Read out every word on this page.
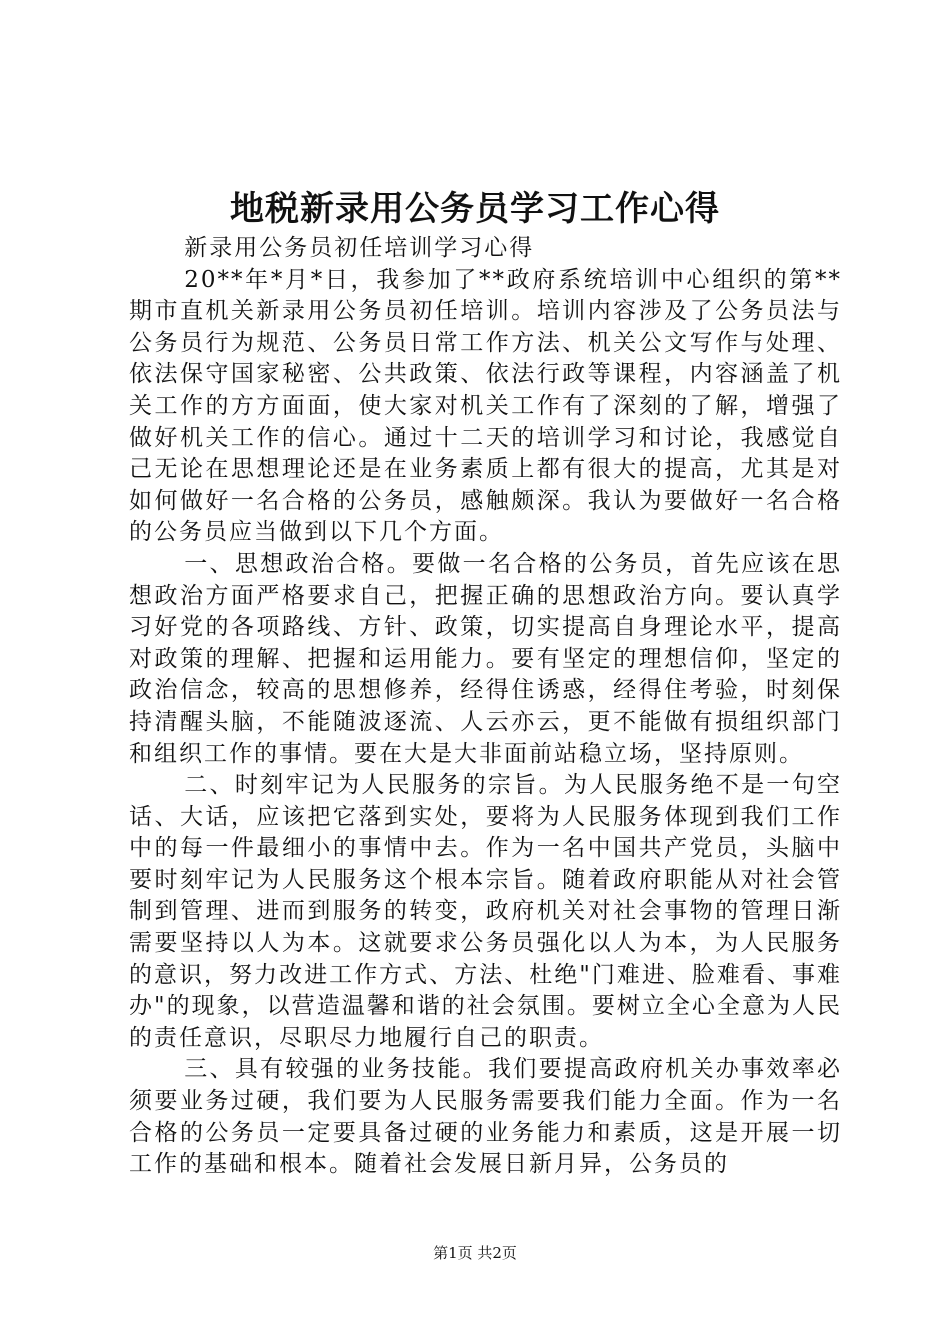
地税新录用公务员学习工作心得

新录用公务员初任培训学习心得

20**年*月*日，我参加了**政府系统培训中心组织的第**期市直机关新录用公务员初任培训。培训内容涉及了公务员法与公务员行为规范、公务员日常工作方法、机关公文写作与处理、依法保守国家秘密、公共政策、依法行政等课程，内容涵盖了机关工作的方方面面，使大家对机关工作有了深刻的了解，增强了做好机关工作的信心。通过十二天的培训学习和讨论，我感觉自己无论在思想理论还是在业务素质上都有很大的提高，尤其是对如何做好一名合格的公务员，感触颇深。我认为要做好一名合格的公务员应当做到以下几个方面。

一、思想政治合格。要做一名合格的公务员，首先应该在思想政治方面严格要求自己，把握正确的思想政治方向。要认真学习好党的各项路线、方针、政策，切实提高自身理论水平，提高对政策的理解、把握和运用能力。要有坚定的理想信仰，坚定的政治信念，较高的思想修养，经得住诱惑，经得住考验，时刻保持清醒头脑，不能随波逐流、人云亦云，更不能做有损组织部门和组织工作的事情。要在大是大非面前站稳立场，坚持原则。

二、时刻牢记为人民服务的宗旨。为人民服务绝不是一句空话、大话，应该把它落到实处，要将为人民服务体现到我们工作中的每一件最细小的事情中去。作为一名中国共产党员，头脑中要时刻牢记为人民服务这个根本宗旨。随着政府职能从对社会管制到管理、进而到服务的转变，政府机关对社会事物的管理日渐需要坚持以人为本。这就要求公务员强化以人为本，为人民服务的意识，努力改进工作方式、方法、杜绝"门难进、脸难看、事难办"的现象，以营造温馨和谐的社会氛围。要树立全心全意为人民的责任意识，尽职尽力地履行自己的职责。

三、具有较强的业务技能。我们要提高政府机关办事效率必须要业务过硬，我们要为人民服务需要我们能力全面。作为一名合格的公务员一定要具备过硬的业务能力和素质，这是开展一切工作的基础和根本。随着社会发展日新月异，公务员的

第1页 共2页
